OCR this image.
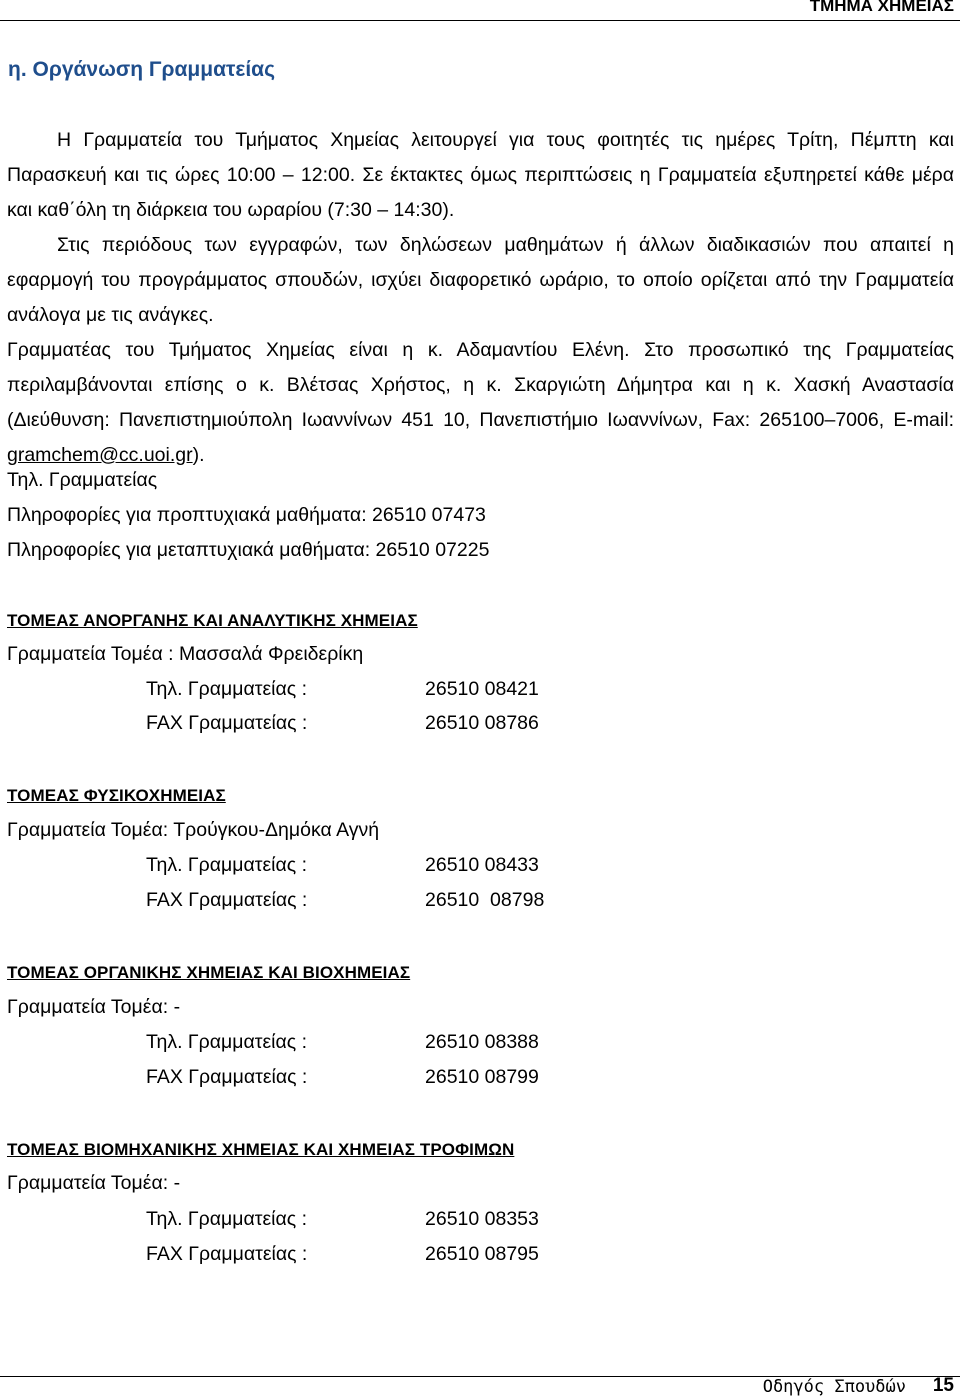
ΤΜΗΜΑ ΧΗΜΕΙΑΣ
η. Οργάνωση Γραμματείας

Η Γραμματεία του Τμήματος Χημείας λειτουργεί για τους φοιτητές τις ημέρες Τρίτη, Πέμπτη και Παρασκευή και τις ώρες 10:00 – 12:00. Σε έκτακτες όμως περιπτώσεις η Γραμματεία εξυπηρετεί κάθε μέρα και καθ΄όλη τη διάρκεια του ωραρίου (7:30 – 14:30).

Στις περιόδους των εγγραφών, των δηλώσεων μαθημάτων ή άλλων διαδικασιών που απαιτεί η εφαρμογή του προγράμματος σπουδών, ισχύει διαφορετικό ωράριο, το οποίο ορίζεται από την Γραμματεία ανάλογα με τις ανάγκες.

Γραμματέας του Τμήματος Χημείας είναι η κ. Αδαμαντίου Ελένη. Στο προσωπικό της Γραμματείας περιλαμβάνονται επίσης ο κ. Βλέτσας Χρήστος, η κ. Σκαργιώτη Δήμητρα και η κ. Χασκή Αναστασία (Διεύθυνση: Πανεπιστημιούπολη Ιωαννίνων 451 10, Πανεπιστήμιο Ιωαννίνων, Fax: 265100–7006, E-mail: gramchem@cc.uoi.gr).

Τηλ. Γραμματείας
Πληροφορίες για προπτυχιακά μαθήματα: 26510 07473
Πληροφορίες για μεταπτυχιακά μαθήματα: 26510 07225
ΤΟΜΕΑΣ ΑΝΟΡΓΑΝΗΣ ΚΑΙ ΑΝΑΛΥΤΙΚΗΣ ΧΗΜΕΙΑΣ
Γραμματεία Τομέα : Μασσαλά Φρειδερίκη
Τηλ. Γραμματείας :	26510 08421
FAX Γραμματείας :	26510 08786
ΤΟΜΕΑΣ ΦΥΣΙΚΟΧΗΜΕΙΑΣ
Γραμματεία Τομέα: Τρούγκου-Δημόκα Αγνή
Τηλ. Γραμματείας :	26510 08433
FAX Γραμματείας :	26510  08798
ΤΟΜΕΑΣ ΟΡΓΑΝΙΚΗΣ ΧΗΜΕΙΑΣ ΚΑΙ ΒΙΟΧΗΜΕΙΑΣ
Γραμματεία Τομέα: -
Τηλ. Γραμματείας :	26510 08388
FAX Γραμματείας :	26510 08799
ΤΟΜΕΑΣ ΒΙΟΜΗΧΑΝΙΚΗΣ ΧΗΜΕΙΑΣ ΚΑΙ ΧΗΜΕΙΑΣ ΤΡΟΦΙΜΩΝ
Γραμματεία Τομέα: -
Τηλ. Γραμματείας :	26510 08353
FAX Γραμματείας :	26510 08795
Οδηγός Σπουδών 15
